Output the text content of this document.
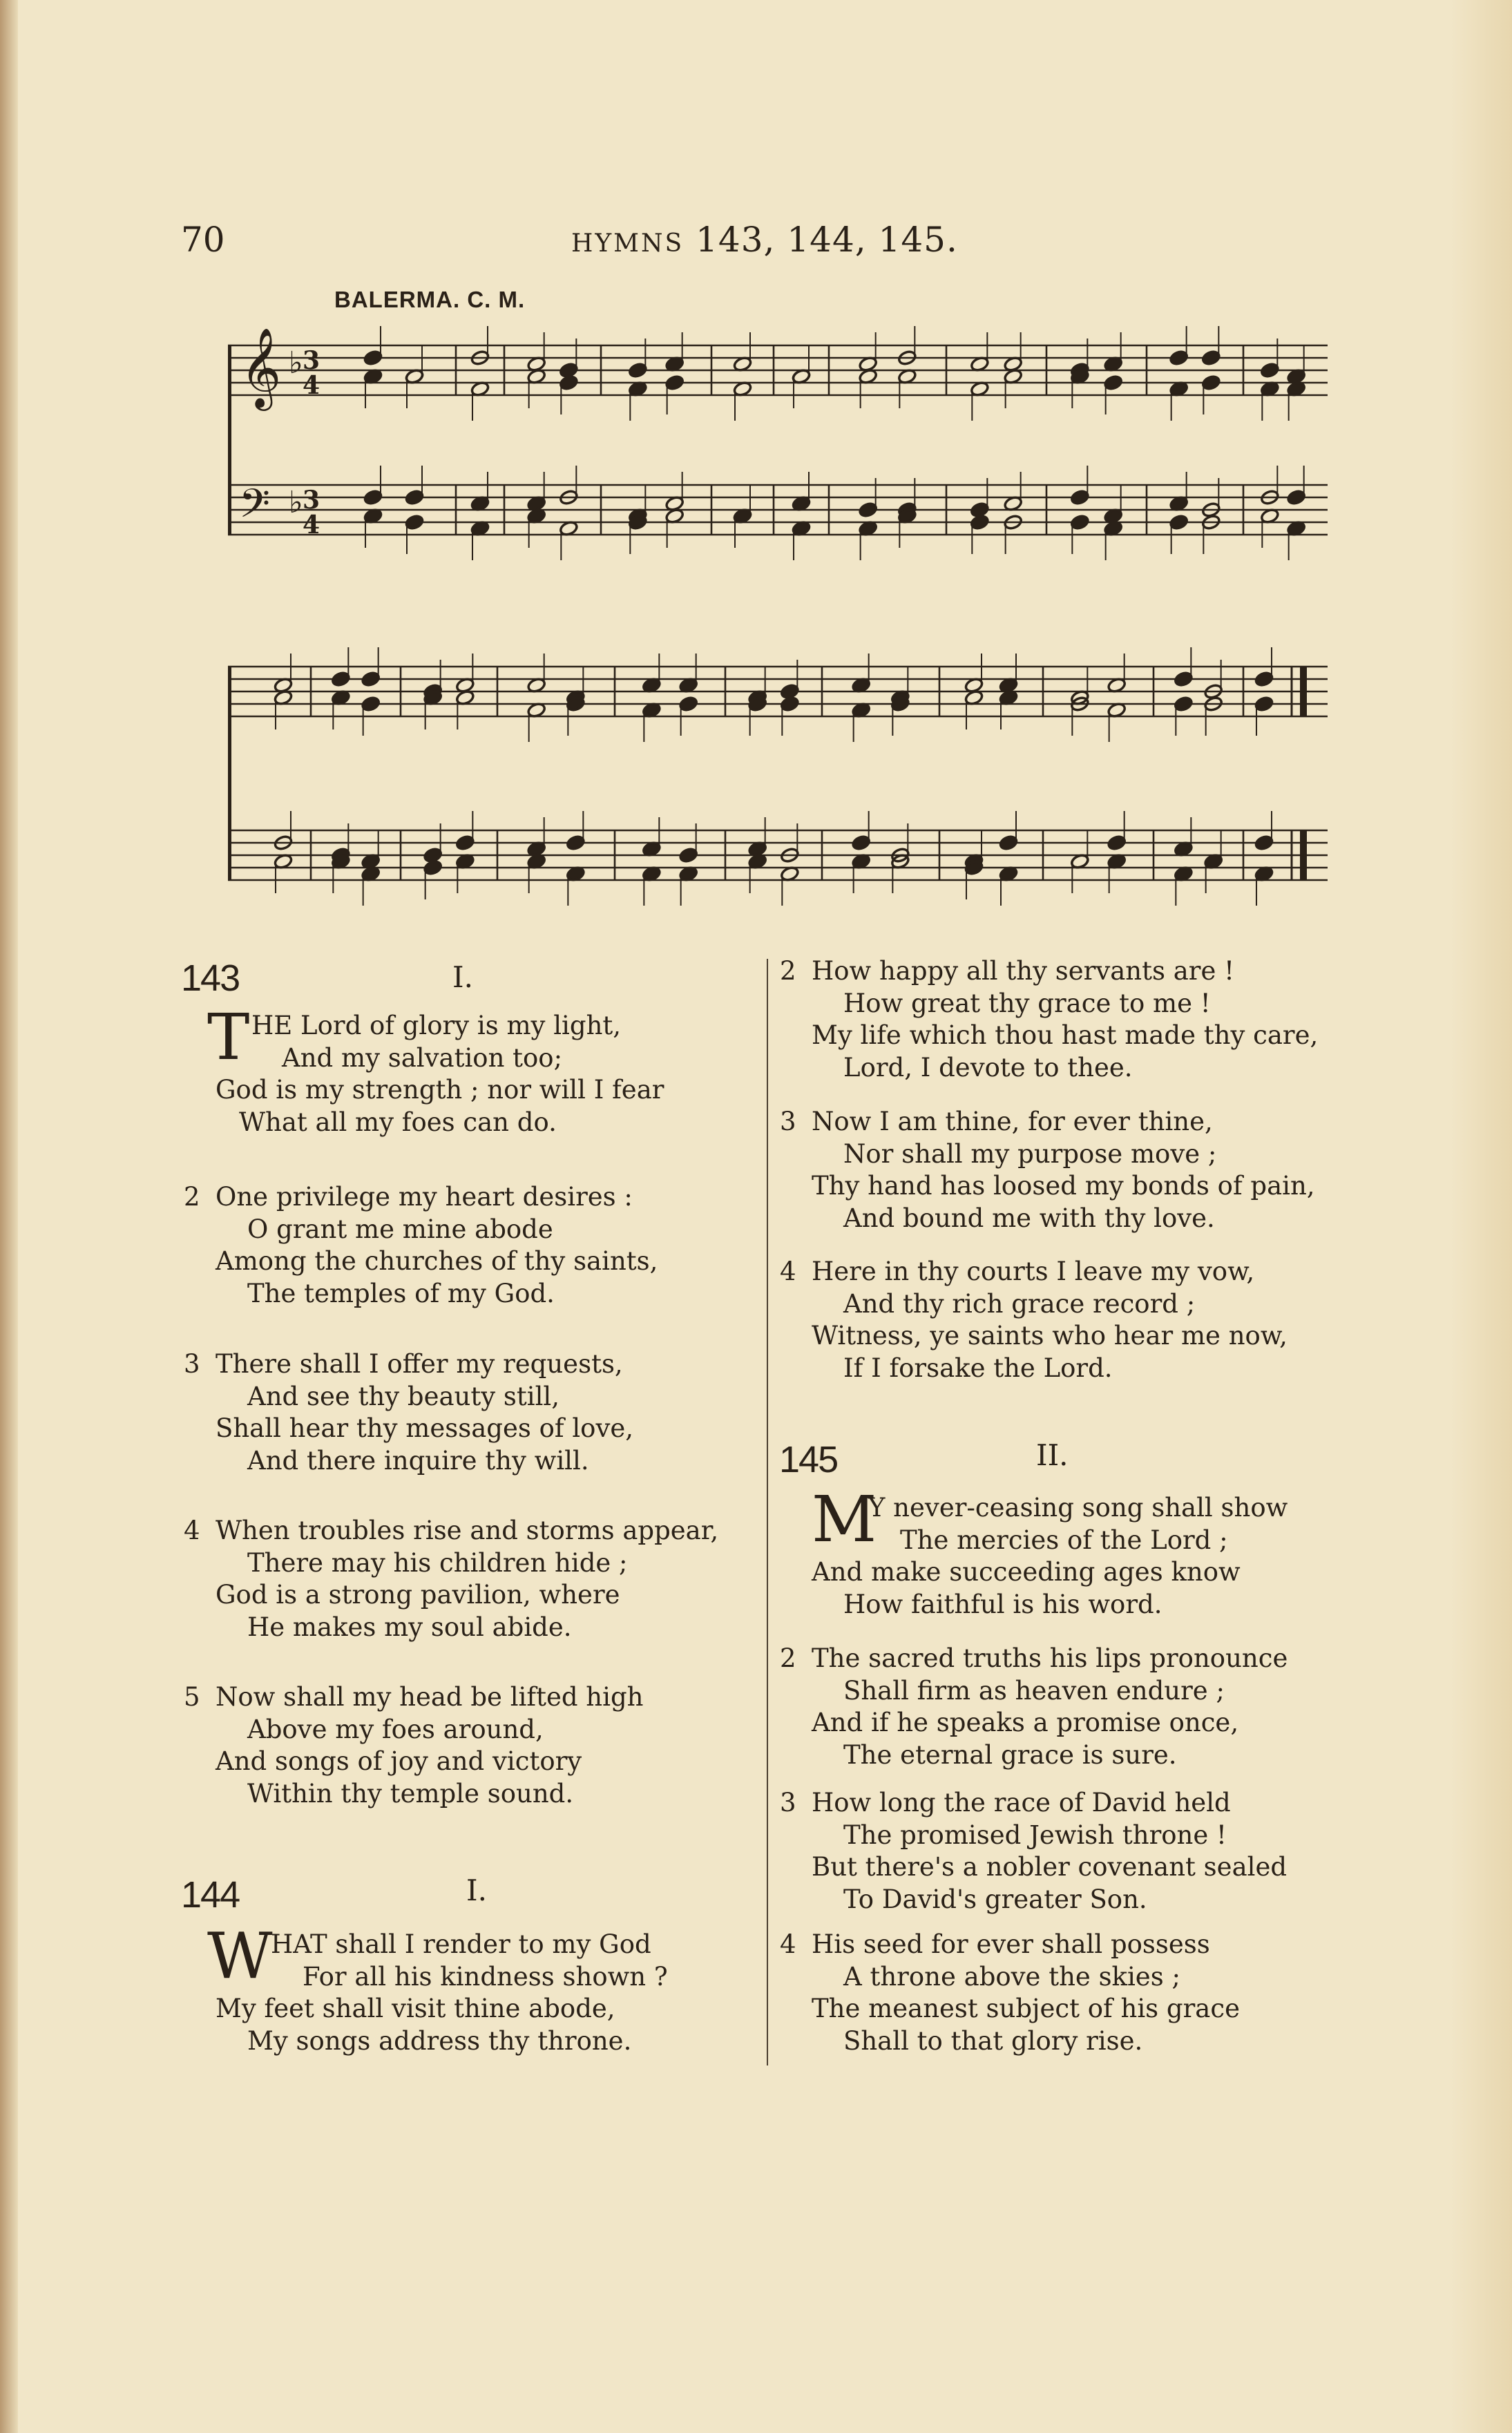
70	HYMNS 143, 144, 145.
BALERMA. C. M.
𝄞
𝄢
♭ 3
4
♭ 3
4
143	I.
T HE Lord of glory is my light,
And my salvation too;
God is my strength ; nor will I fear
What all my foes can do.
2 One privilege my heart desires :
O grant me mine abode
Among the churches of thy saints,
The temples of my God.
3 There shall I offer my requests,
And see thy beauty still,
Shall hear thy messages of love,
And there inquire thy will.
4 When troubles rise and storms appear,
There may his children hide ;
God is a strong pavilion, where
He makes my soul abide.
5 Now shall my head be lifted high
Above my foes around,
And songs of joy and victory
Within thy temple sound.
144	I.
W
HAT shall I render to my God
For all his kindness shown ?
My feet shall visit thine abode,
My songs address thy throne.
2 How happy all thy servants are !
How great thy grace to me !
My life which thou hast made thy care,
Lord, I devote to thee.
3 Now I am thine, for ever thine,
Nor shall my purpose move ;
Thy hand has loosed my bonds of pain,
And bound me with thy love.
4 Here in thy courts I leave my vow,
And thy rich grace record ;
Witness, ye saints who hear me now,
If I forsake the Lord.
145	II.
M
Y never-ceasing song shall show
The mercies of the Lord ;
And make succeeding ages know
How faithful is his word.
2 The sacred truths his lips pronounce
Shall firm as heaven endure ;
And if he speaks a promise once,
The eternal grace is sure.
3 How long the race of David held
The promised Jewish throne !
But there's a nobler covenant sealed
To David's greater Son.
4 His seed for ever shall possess
A throne above the skies ;
The meanest subject of his grace
Shall to that glory rise.
